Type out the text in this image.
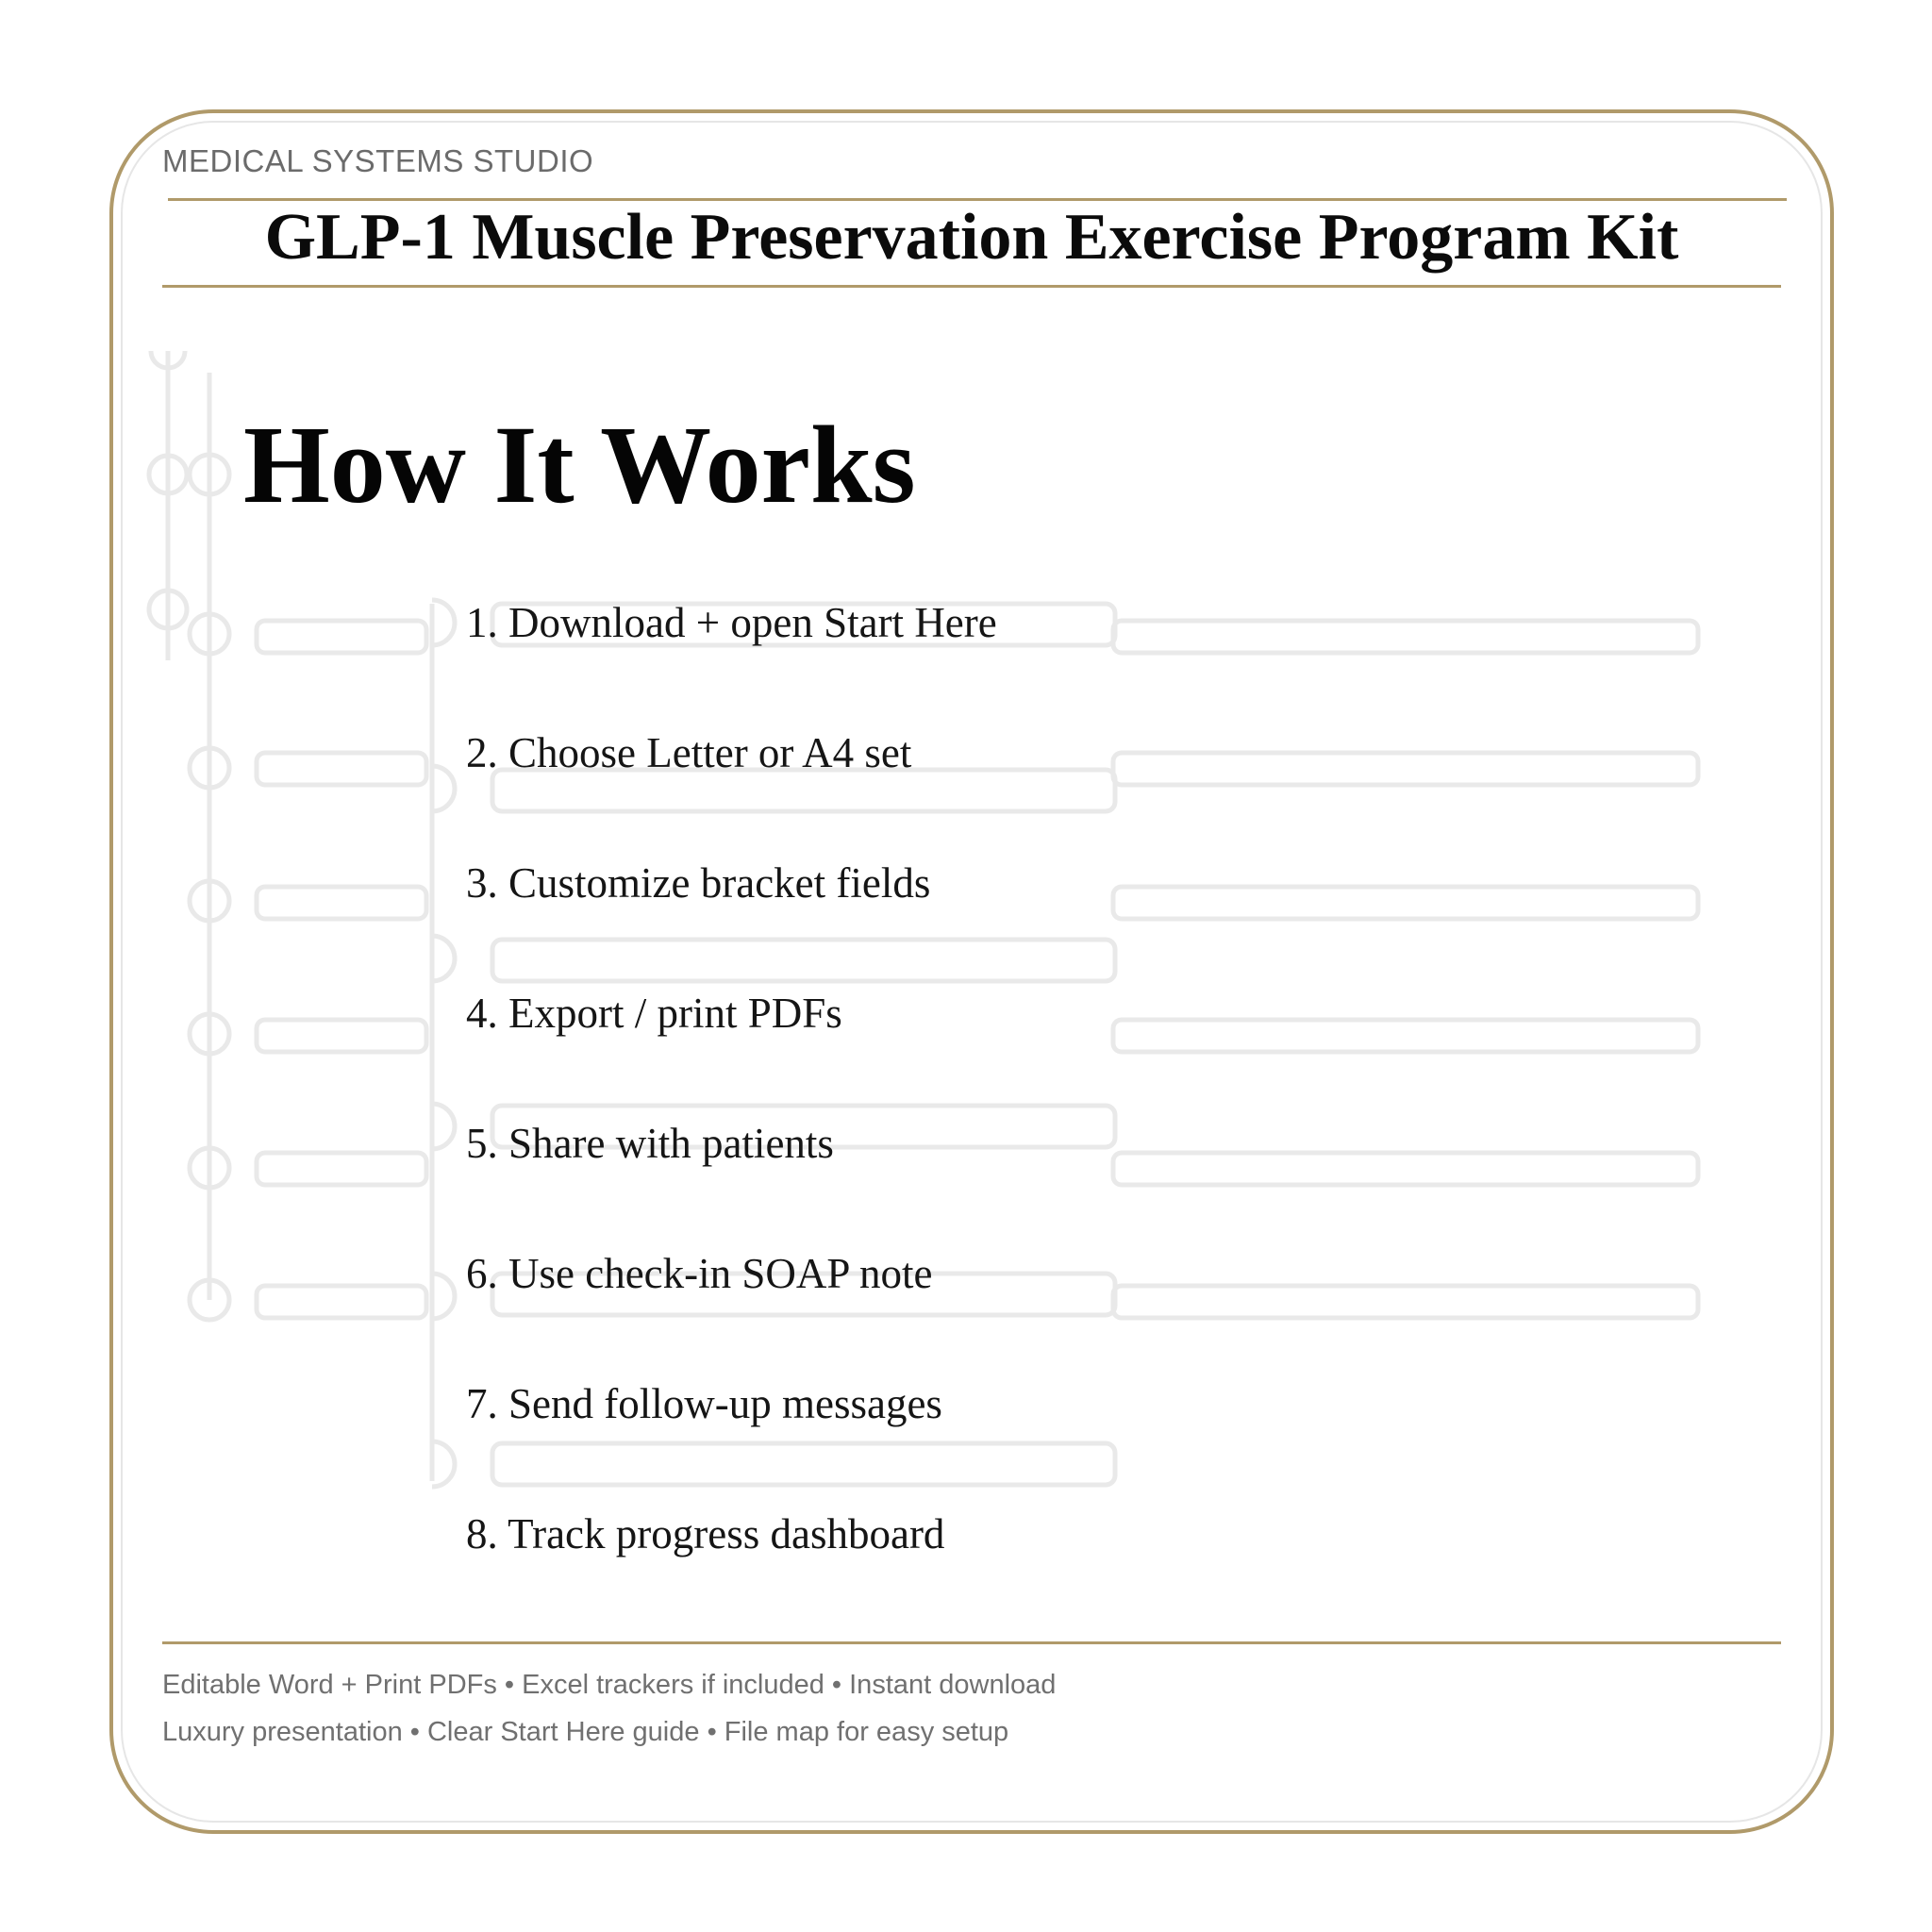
MEDICAL SYSTEMS STUDIO
GLP-1 Muscle Preservation Exercise Program Kit
How It Works
1. Download + open Start Here
2. Choose Letter or A4 set
3. Customize bracket fields
4. Export / print PDFs
5. Share with patients
6. Use check-in SOAP note
7. Send follow-up messages
8. Track progress dashboard
Editable Word + Print PDFs • Excel trackers if included • Instant download
Luxury presentation • Clear Start Here guide • File map for easy setup
